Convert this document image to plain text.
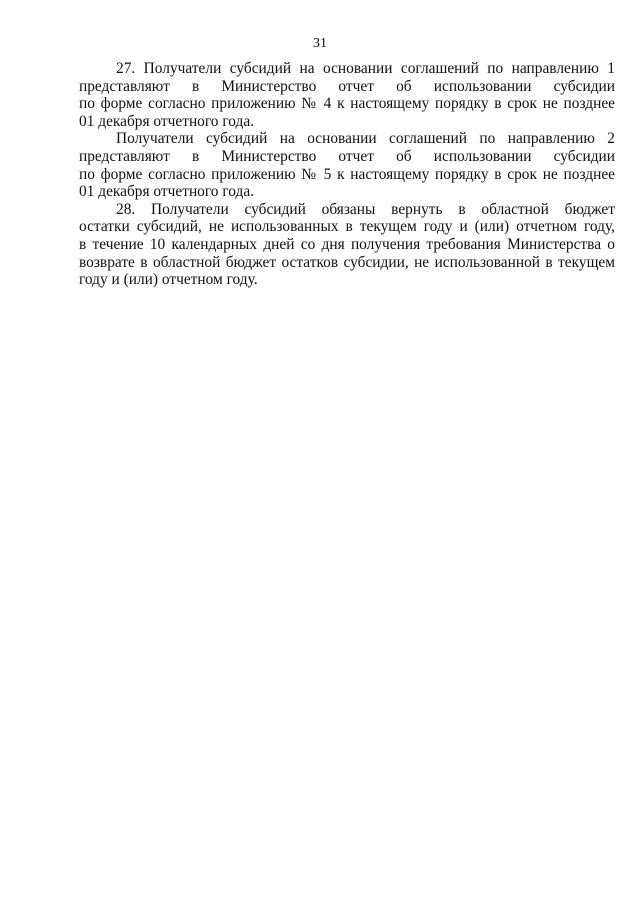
31

27. Получатели субсидий на основании соглашений по направлению 1
представляют в Министерство отчет об использовании субсидии
по форме согласно приложению № 4 к настоящему порядку в срок не позднее
01 декабря отчетного года.

Получатели субсидий на основании соглашений по направлению 2
представляют в Министерство отчет об использовании субсидии
по форме согласно приложению № 5 к настоящему порядку в срок не позднее
01 декабря отчетного года.

28. Получатели субсидий обязаны вернуть в областной бюджет
остатки субсидий, не использованных в текущем году и (или) отчетном году,
в течение 10 календарных дней со дня получения требования Министерства о
возврате в областной бюджет остатков субсидии, не использованной в текущем
году и (или) отчетном году.
